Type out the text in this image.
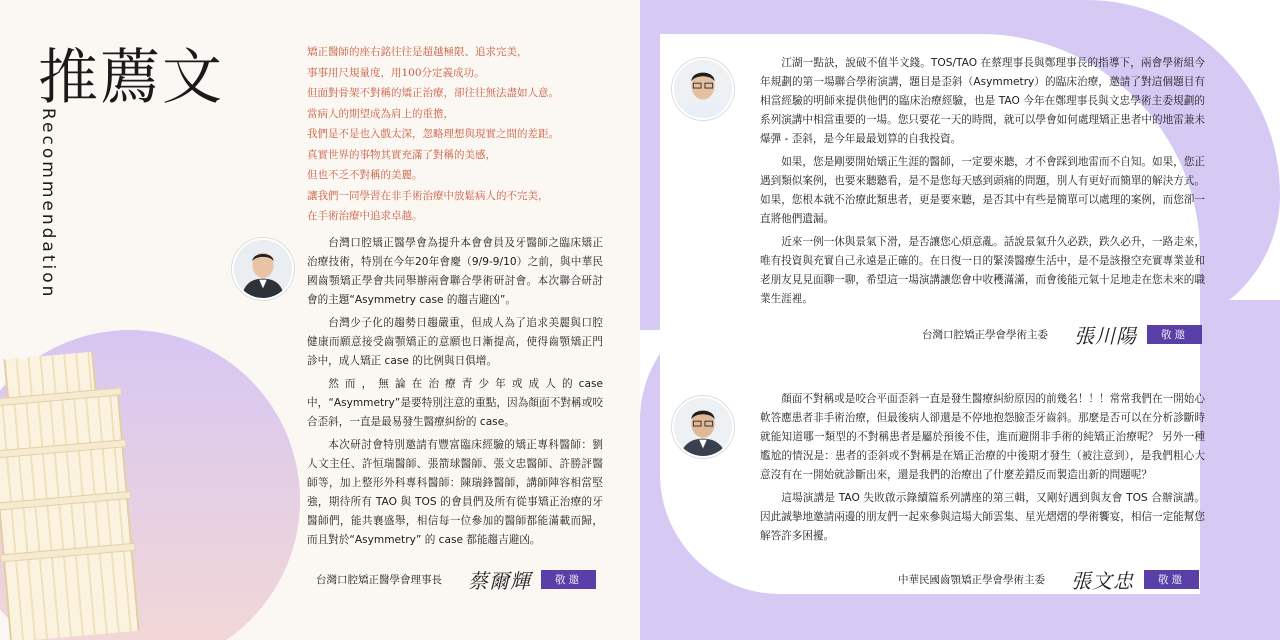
推薦文
Recommendation
矯正醫師的座右銘往往是超越極限、追求完美，
事事用尺規量度，用100分定義成功。
但面對骨架不對稱的矯正治療，卻往往無法盡如人意。
當病人的期望成為肩上的重擔，
我們是不是也入戲太深，忽略理想與現實之間的差距。
真實世界的事物其實充滿了對稱的美感，
但也不乏不對稱的美麗。
讓我們一同學習在非手術治療中放鬆病人的不完美，
在手術治療中追求卓越。

台灣口腔矯正醫學會為提升本會會員及牙醫師之臨床矯正治療技術，特別在今年20年會慶（9/9-9/10）之前，與中華民國齒顎矯正學會共同舉辦兩會聯合學術研討會。本次聯合研討會的主題“Asymmetry case 的趨吉避凶”。

台灣少子化的趨勢日趨嚴重，但成人為了追求美麗與口腔健康而願意接受齒顎矯正的意願也日漸提高，使得齒顎矯正門診中，成人矯正 case 的比例與日俱增。

然而，無論在治療青少年或成人的case中，“Asymmetry”是要特別注意的重點，因為顏面不對稱或咬合歪斜，一直是最易發生醫療糾紛的 case。

本次研討會特別邀請有豐富臨床經驗的矯正專科醫師：劉人文主任、許恒瑞醫師、張箭球醫師、張文忠醫師、許勝評醫師等，加上整形外科專科醫師：陳瑞鋒醫師，講師陣容相當堅強，期待所有 TAO 與 TOS 的會員們及所有從事矯正治療的牙醫師們，能共襄盛舉，相信每一位參加的醫師都能滿載而歸，而且對於“Asymmetry” 的 case 都能趨吉避凶。

台灣口腔矯正醫學會理事長 蔡爾輝	敬邀

江湖一點訣，說破不值半文錢。TOS/TAO 在蔡理事長與鄭理事長的指導下，兩會學術組今年規劃的第一場聯合學術演講，題目是歪斜（Asymmetry）的臨床治療，邀請了對這個題目有相當經驗的明師來提供他們的臨床治療經驗，也是 TAO 今年在鄭理事長與文忠學術主委規劃的系列演講中相當重要的一場。您只要花一天的時間，就可以學會如何處理矯正患者中的地雷兼未爆彈 - 歪斜，是今年最最划算的自我投資。

如果，您是剛要開始矯正生涯的醫師，一定要來聽，才不會踩到地雷而不自知。如果，您正遇到類似案例，也要來聽聽看，是不是您每天感到頭痛的問題，別人有更好而簡單的解決方式。如果，您根本就不治療此類患者，更是要來聽，是否其中有些是簡單可以處理的案例，而您卻一直將他們遺漏。

近來一例一休與景氣下滑，是否讓您心煩意亂。話說景氣升久必跌，跌久必升，一路走來，唯有投資與充實自己永遠是正確的。在日復一日的緊湊醫療生活中，是不是該撥空充實專業並和老朋友見見面聊一聊，希望這一場演講讓您會中收穫滿滿，而會後能元氣十足地走在您未來的職業生涯裡。

台灣口腔矯正學會學術主委 張川陽	敬邀

顏面不對稱或是咬合平面歪斜一直是發生醫療糾紛原因的前幾名！！！常常我們在一開始心軟答應患者非手術治療，但最後病人卻還是不停地抱怨臉歪牙齒斜。那麼是否可以在分析診斷時就能知道哪一類型的不對稱患者是屬於預後不佳，進而避開非手術的純矯正治療呢？ 另外一種尷尬的情況是：患者的歪斜或不對稱是在矯正治療的中後期才發生（被注意到），是我們粗心大意沒有在一開始就診斷出來，還是我們的治療出了什麼差錯反而製造出新的問題呢？

這場演講是 TAO 失敗啟示錄續篇系列講座的第三輯，又剛好遇到與友會 TOS 合辦演講。因此誠摯地邀請兩邊的朋友們一起來參與這場大師雲集、星光熠熠的學術饗宴，相信一定能幫您解答許多困擾。

中華民國齒顎矯正學會學術主委 張文忠	敬邀
